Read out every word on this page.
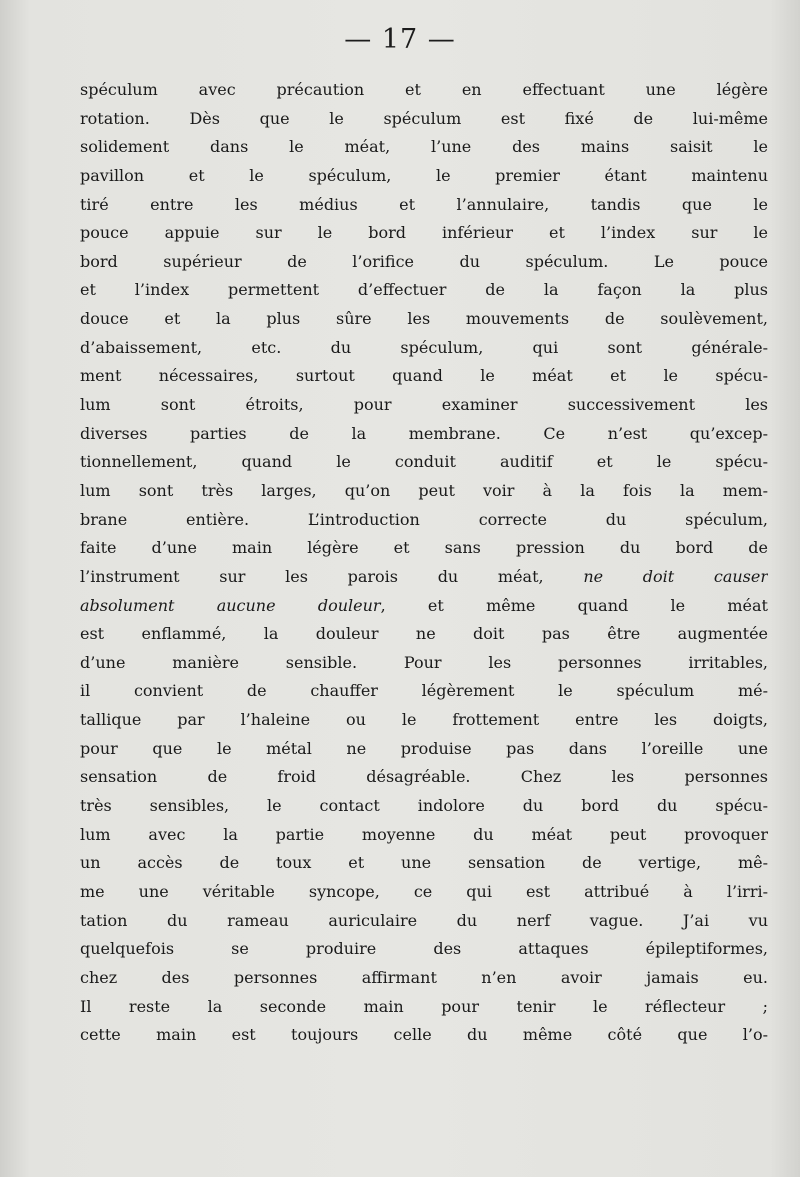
— 17 —
spéculum avec précaution et en effectuant une légère
rotation. Dès que le spéculum est fixé de lui-même
solidement dans le méat, l’une des mains saisit le
pavillon et le spéculum, le premier étant maintenu
tiré entre les médius et l’annulaire, tandis que le
pouce appuie sur le bord inférieur et l’index sur le
bord supérieur de l’orifice du spéculum. Le pouce
et l’index permettent d’effectuer de la façon la plus
douce et la plus sûre les mouvements de soulèvement,
d’abaissement, etc. du spéculum, qui sont générale-
ment nécessaires, surtout quand le méat et le spécu-
lum sont étroits, pour examiner successivement les
diverses parties de la membrane. Ce n’est qu’excep-
tionnellement, quand le conduit auditif et le spécu-
lum sont très larges, qu’on peut voir à la fois la mem-
brane entière. L’introduction correcte du spéculum,
faite d’une main légère et sans pression du bord de
l’instrument sur les parois du méat, ne doit causer
absolument aucune douleur, et même quand le méat
est enflammé, la douleur ne doit pas être augmentée
d’une manière sensible. Pour les personnes irritables,
il convient de chauffer légèrement le spéculum mé-
tallique par l’haleine ou le frottement entre les doigts,
pour que le métal ne produise pas dans l’oreille une
sensation de froid désagréable. Chez les personnes
très sensibles, le contact indolore du bord du spécu-
lum avec la partie moyenne du méat peut provoquer
un accès de toux et une sensation de vertige, mê-
me une véritable syncope, ce qui est attribué à l’irri-
tation du rameau auriculaire du nerf vague. J’ai vu
quelquefois se produire des attaques épileptiformes,
chez des personnes affirmant n’en avoir jamais eu.
Il reste la seconde main pour tenir le réflecteur ;
cette main est toujours celle du même côté que l’o-
